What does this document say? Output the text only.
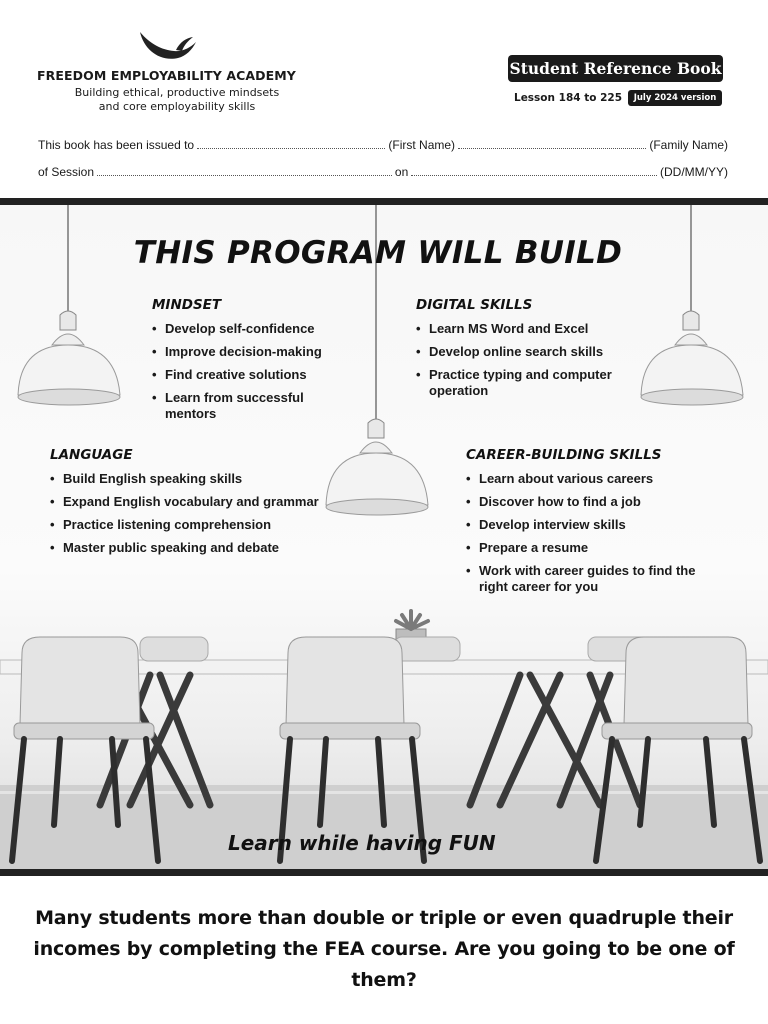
FREEDOM EMPLOYABILITY ACADEMY
Building ethical, productive mindsets
and core employability skills
Student Reference Book
Lesson 184 to 225	July 2024 version
This book has been issued to	(First Name)	(Family Name)
of Session	on	(DD/MM/YY)
THIS PROGRAM WILL BUILD
MINDSET
• Develop self-confidence
• Improve decision-making
• Find creative solutions
• Learn from successful mentors
DIGITAL SKILLS
• Learn MS Word and Excel
• Develop online search skills
• Practice typing and computer operation
LANGUAGE
• Build English speaking skills
• Expand English vocabulary and grammar
• Practice listening comprehension
• Master public speaking and debate
CAREER-BUILDING SKILLS
• Learn about various careers
• Discover how to find a job
• Develop interview skills
• Prepare a resume
• Work with career guides to find the right career for you
Learn while having FUN
Many students more than double or triple or even quadruple their incomes by completing the FEA course. Are you going to be one of them?
